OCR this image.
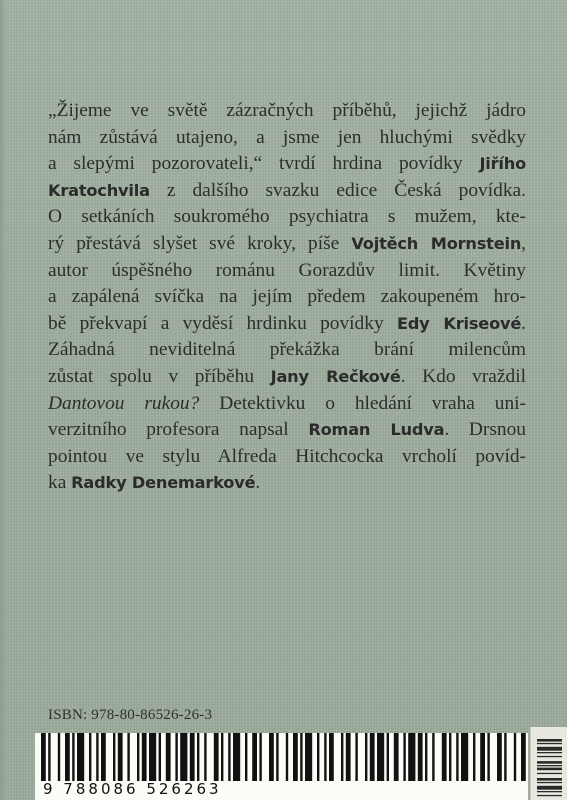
„Žijeme ve světě zázračných příběhů, jejichž jádro
nám zůstává utajeno, a jsme jen hluchými svědky
a slepými pozorovateli,“ tvrdí hrdina povídky Jiřího
Kratochvila z dalšího svazku edice Česká povídka.
O setkáních soukromého psychiatra s mužem, kte-
rý přestává slyšet své kroky, píše Vojtěch Mornstein,
autor úspěšného románu Gorazdův limit. Květiny
a zapálená svíčka na jejím předem zakoupeném hro-
bě překvapí a vyděsí hrdinku povídky Edy Kriseové.
Záhadná neviditelná překážka brání milencům
zůstat spolu v příběhu Jany Rečkové. Kdo vraždil
Dantovou rukou? Detektivku o hledání vraha uni-
verzitního profesora napsal Roman Ludva. Drsnou
pointou ve stylu Alfreda Hitchcocka vrcholí povíd-
ka Radky Denemarkové.

ISBN: 978-80-86526-26-3
9 788086 526263
